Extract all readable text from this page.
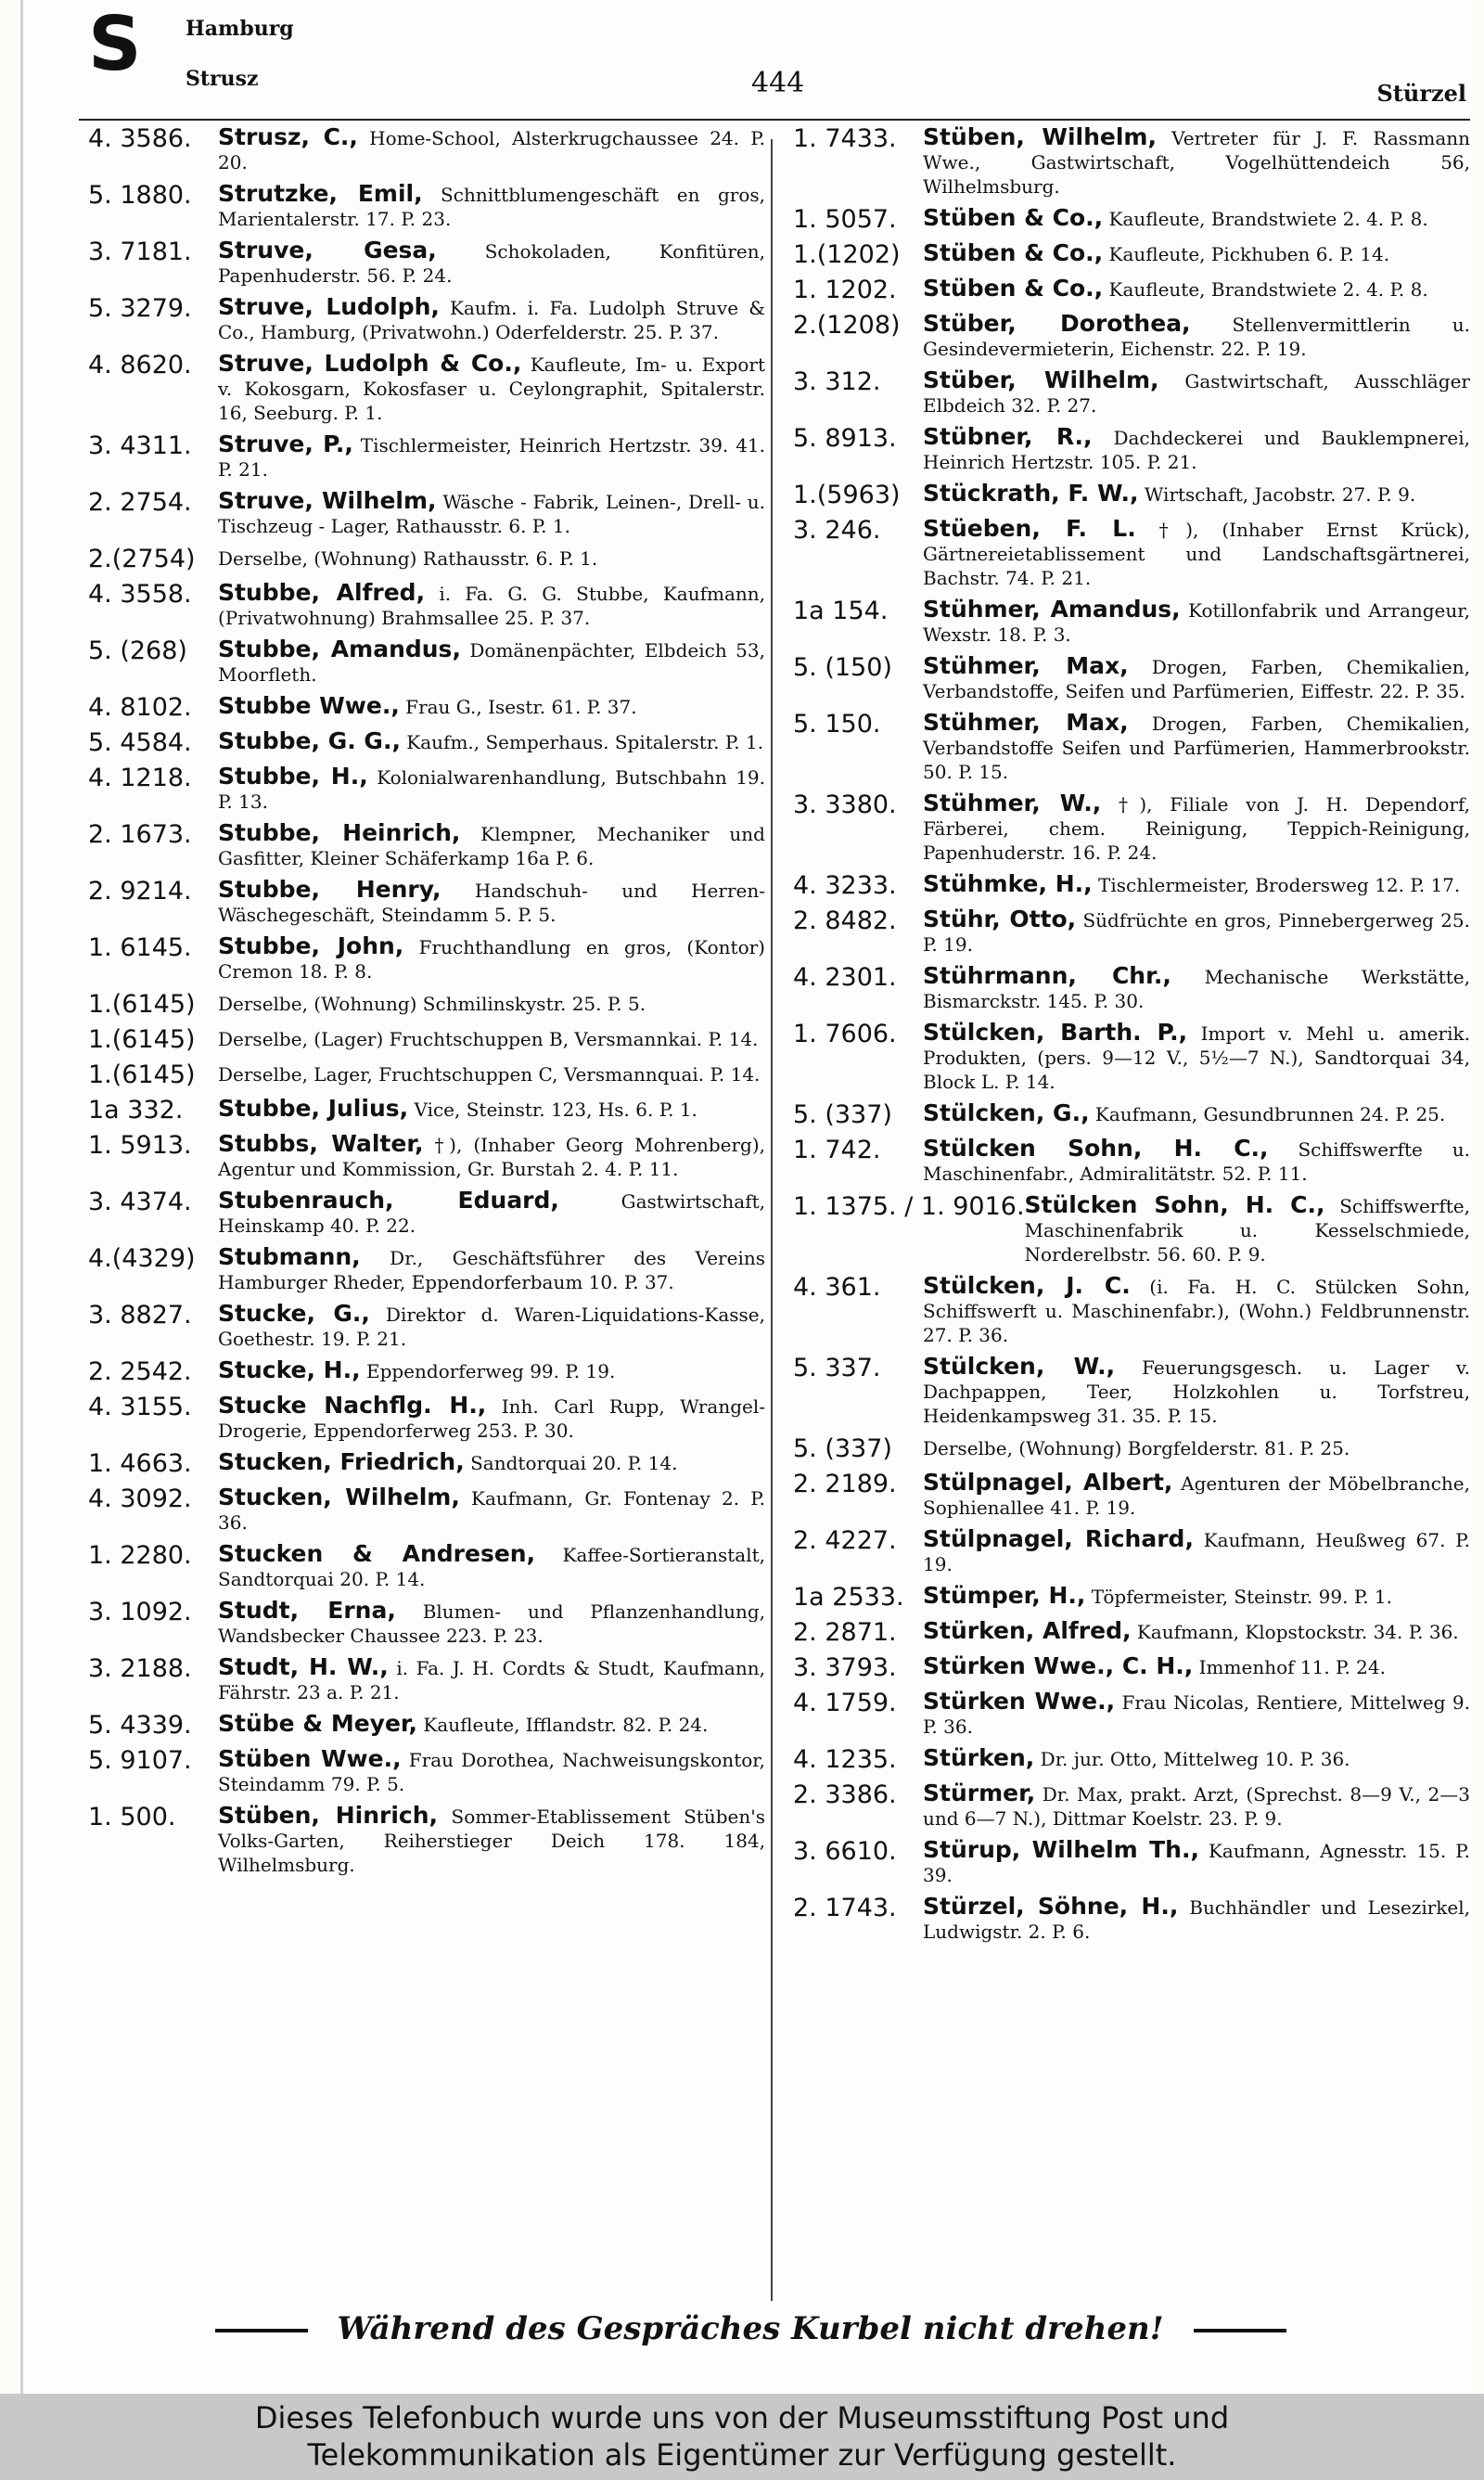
S Hamburg
Strusz	444	Stürzel
4. 3586.	Strusz, C., Home-School, Alsterkrugchaussee 24. P. 20.
5. 1880.	Strutzke, Emil, Schnittblumengeschäft en gros, Marientalerstr. 17. P. 23.
3. 7181.	Struve, Gesa, Schokoladen, Konfitüren, Papenhuderstr. 56. P. 24.
5. 3279.	Struve, Ludolph, Kaufm. i. Fa. Ludolph Struve & Co., Hamburg, (Privatwohn.) Oderfelderstr. 25. P. 37.
4. 8620.	Struve, Ludolph & Co., Kaufleute, Im- u. Export v. Kokosgarn, Kokosfaser u. Ceylongraphit, Spitalerstr. 16, Seeburg. P. 1.
3. 4311.	Struve, P., Tischlermeister, Heinrich Hertzstr. 39. 41. P. 21.
2. 2754.	Struve, Wilhelm, Wäsche - Fabrik, Leinen-, Drell- u. Tischzeug - Lager, Rathausstr. 6. P. 1.
2.(2754)	Derselbe, (Wohnung) Rathausstr. 6. P. 1.
4. 3558.	Stubbe, Alfred, i. Fa. G. G. Stubbe, Kaufmann, (Privatwohnung) Brahmsallee 25. P. 37.
5. (268)	Stubbe, Amandus, Domänenpächter, Elbdeich 53, Moorfleth.
4. 8102.	Stubbe Wwe., Frau G., Isestr. 61. P. 37.
5. 4584.	Stubbe, G. G., Kaufm., Semperhaus. Spitalerstr. P. 1.
4. 1218.	Stubbe, H., Kolonialwarenhandlung, Butschbahn 19. P. 13.
2. 1673.	Stubbe, Heinrich, Klempner, Mechaniker und Gasfitter, Kleiner Schäferkamp 16a P. 6.
2. 9214.	Stubbe, Henry, Handschuh- und Herren-Wäschegeschäft, Steindamm 5. P. 5.
1. 6145.	Stubbe, John, Fruchthandlung en gros, (Kontor) Cremon 18. P. 8.
1.(6145)	Derselbe, (Wohnung) Schmilinskystr. 25. P. 5.
1.(6145)	Derselbe, (Lager) Fruchtschuppen B, Versmannkai. P. 14.
1.(6145)	Derselbe, Lager, Fruchtschuppen C, Versmannquai. P. 14.
1a 332.	Stubbe, Julius, Vice, Steinstr. 123, Hs. 6. P. 1.
1. 5913.	Stubbs, Walter, †), (Inhaber Georg Mohrenberg), Agentur und Kommission, Gr. Burstah 2. 4. P. 11.
3. 4374.	Stubenrauch, Eduard, Gastwirtschaft, Heinskamp 40. P. 22.
4.(4329) Stubmann, Dr., Geschäftsführer des Vereins Hamburger Rheder, Eppendorferbaum 10. P. 37.
3. 8827.	Stucke, G., Direktor d. Waren-Liquidations-Kasse, Goethestr. 19. P. 21.
2. 2542.	Stucke, H., Eppendorferweg 99. P. 19.
4. 3155.	Stucke Nachflg. H., Inh. Carl Rupp, Wrangel-Drogerie, Eppendorferweg 253. P. 30.
1. 4663.	Stucken, Friedrich, Sandtorquai 20. P. 14.
4. 3092.	Stucken, Wilhelm, Kaufmann, Gr. Fontenay 2. P. 36.
1. 2280.	Stucken & Andresen, Kaffee-Sortieranstalt, Sandtorquai 20. P. 14.
3. 1092.	Studt, Erna, Blumen- und Pflanzenhandlung, Wandsbecker Chaussee 223. P. 23.
3. 2188.	Studt, H. W., i. Fa. J. H. Cordts & Studt, Kaufmann, Fährstr. 23 a. P. 21.
5. 4339.	Stübe & Meyer, Kaufleute, Ifflandstr. 82. P. 24.
5. 9107.	Stüben Wwe., Frau Dorothea, Nachweisungskontor, Steindamm 79. P. 5.
1. 500.	Stüben, Hinrich, Sommer-Etablissement Stüben's Volks-Garten, Reiherstieger Deich 178. 184, Wilhelmsburg.
1. 7433.	Stüben, Wilhelm, Vertreter für J. F. Rassmann Wwe., Gastwirtschaft, Vogelhüttendeich 56, Wilhelmsburg.
1. 5057.	Stüben & Co., Kaufleute, Brandstwiete 2. 4. P. 8.
1.(1202) Stüben & Co., Kaufleute, Pickhuben 6. P. 14.
1. 1202.	Stüben & Co., Kaufleute, Brandstwiete 2. 4. P. 8.
2.(1208) Stüber, Dorothea, Stellenvermittlerin u. Gesindevermieterin, Eichenstr. 22. P. 19.
3. 312.	Stüber, Wilhelm, Gastwirtschaft, Ausschläger Elbdeich 32. P. 27.
5. 8913.	Stübner, R., Dachdeckerei und Bauklempnerei, Heinrich Hertzstr. 105. P. 21.
1.(5963) Stückrath, F. W., Wirtschaft, Jacobstr. 27. P. 9.
3. 246.	Stüeben, F. L. †), (Inhaber Ernst Krück), Gärtnereietablissement und Landschaftsgärtnerei, Bachstr. 74. P. 21.
1a 154.	Stühmer, Amandus, Kotillonfabrik und Arrangeur, Wexstr. 18. P. 3.
5. (150)	Stühmer, Max, Drogen, Farben, Chemikalien, Verbandstoffe, Seifen und Parfümerien, Eiffestr. 22. P. 35.
5. 150.	Stühmer, Max, Drogen, Farben, Chemikalien, Verbandstoffe Seifen und Parfümerien, Hammerbrookstr. 50. P. 15.
3. 3380.	Stühmer, W., †), Filiale von J. H. Dependorf, Färberei, chem. Reinigung, Teppich-Reinigung, Papenhuderstr. 16. P. 24.
4. 3233.	Stühmke, H., Tischlermeister, Brodersweg 12. P. 17.
2. 8482.	Stühr, Otto, Südfrüchte en gros, Pinnebergerweg 25. P. 19.
4. 2301.	Stührmann, Chr., Mechanische Werkstätte, Bismarckstr. 145. P. 30.
1. 7606.	Stülcken, Barth. P., Import v. Mehl u. amerik. Produkten, (pers. 9—12 V., 5½—7 N.), Sandtorquai 34, Block L. P. 14.
5. (337)	Stülcken, G., Kaufmann, Gesundbrunnen 24. P. 25.
1. 742.	Stülcken Sohn, H. C., Schiffswerfte u. Maschinenfabr., Admiralitätstr. 52. P. 11.
1. 1375. / 1. 9016. Stülcken Sohn, H. C., Schiffswerfte, Maschinenfabrik u. Kesselschmiede, Norderelbstr. 56. 60. P. 9.
4. 361.	Stülcken, J. C. (i. Fa. H. C. Stülcken Sohn, Schiffswerft u. Maschinenfabr.), (Wohn.) Feldbrunnenstr. 27. P. 36.
5. 337.	Stülcken, W., Feuerungsgesch. u. Lager v. Dachpappen, Teer, Holzkohlen u. Torfstreu, Heidenkampsweg 31. 35. P. 15.
5. (337)	Derselbe, (Wohnung) Borgfelderstr. 81. P. 25.
2. 2189.	Stülpnagel, Albert, Agenturen der Möbelbranche, Sophienallee 41. P. 19.
2. 4227.	Stülpnagel, Richard, Kaufmann, Heußweg 67. P. 19.
1a 2533. Stümper, H., Töpfermeister, Steinstr. 99. P. 1.
2. 2871.	Stürken, Alfred, Kaufmann, Klopstockstr. 34. P. 36.
3. 3793.	Stürken Wwe., C. H., Immenhof 11. P. 24.
4. 1759.	Stürken Wwe., Frau Nicolas, Rentiere, Mittelweg 9. P. 36.
4. 1235.	Stürken, Dr. jur. Otto, Mittelweg 10. P. 36.
2. 3386.	Stürmer, Dr. Max, prakt. Arzt, (Sprechst. 8—9 V., 2—3 und 6—7 N.), Dittmar Koelstr. 23. P. 9.
3. 6610.	Stürup, Wilhelm Th., Kaufmann, Agnesstr. 15. P. 39.
2. 1743.	Stürzel, Söhne, H., Buchhändler und Lesezirkel, Ludwigstr. 2. P. 6.
Während des Gespräches Kurbel nicht drehen!
Dieses Telefonbuch wurde uns von der Museumsstiftung Post und
Telekommunikation als Eigentümer zur Verfügung gestellt.
